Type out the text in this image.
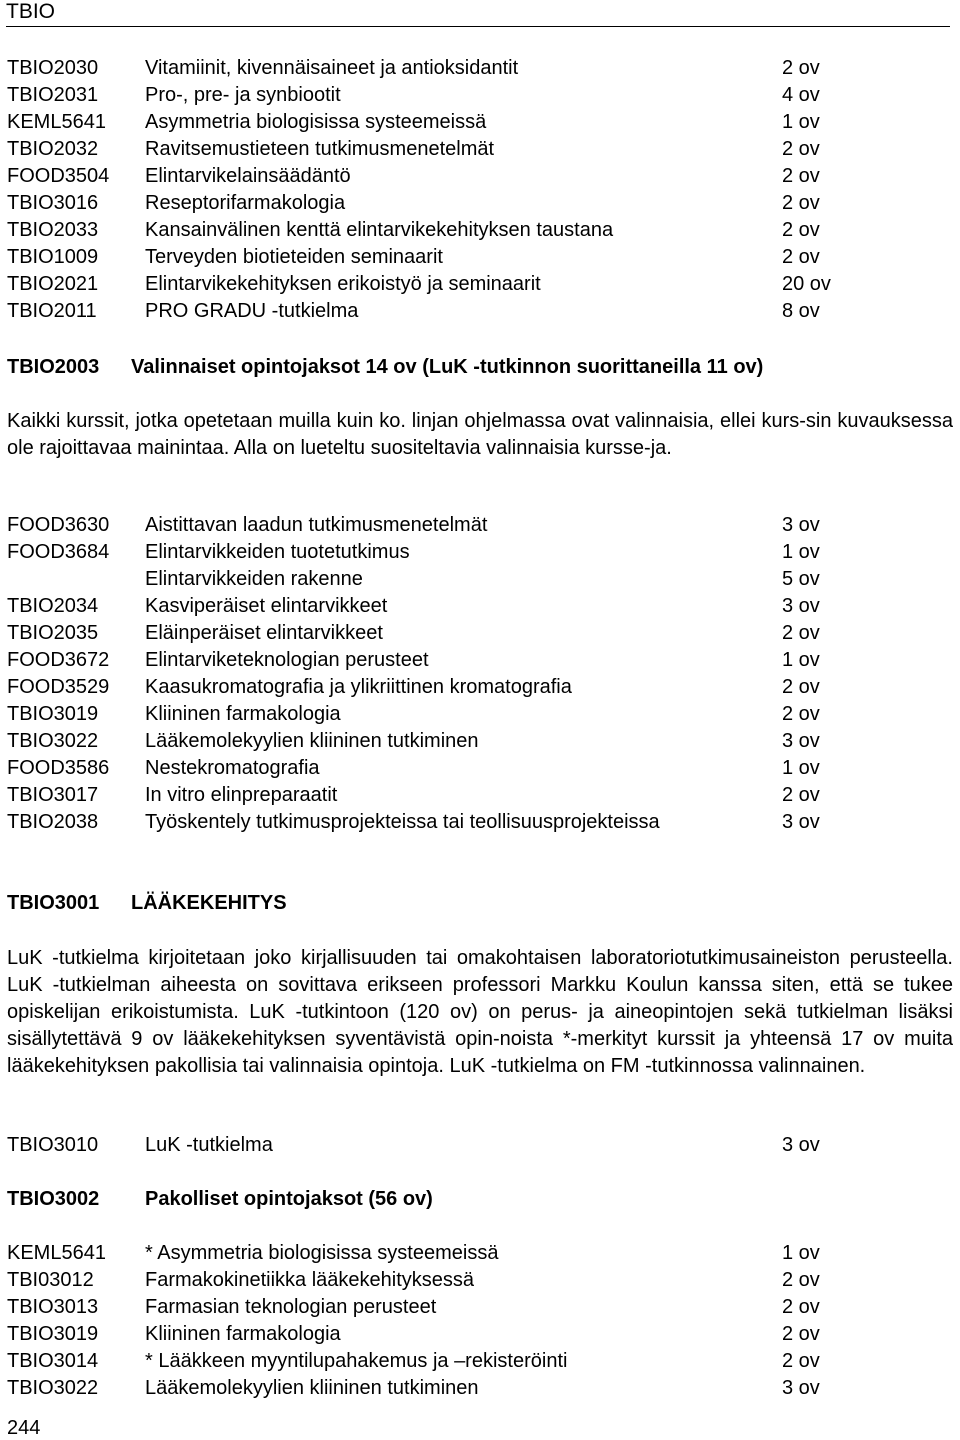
TBIO
TBIO2030 Vitamiinit, kivennäisaineet ja antioksidantit	2 ov
TBIO2031 Pro-, pre- ja synbiootit	4 ov
KEML5641 Asymmetria biologisissa systeemeissä	1 ov
TBIO2032 Ravitsemustieteen tutkimusmenetelmät	2 ov
FOOD3504 Elintarvikelainsäädäntö	2 ov
TBIO3016 Reseptorifarmakologia	2 ov
TBIO2033 Kansainvälinen kenttä elintarvikekehityksen taustana	2 ov
TBIO1009 Terveyden biotieteiden seminaarit	2 ov
TBIO2021 Elintarvikekehityksen erikoistyö ja seminaarit	20 ov
TBIO2011 PRO GRADU -tutkielma	8 ov
TBIO2003 Valinnaiset opintojaksot 14 ov (LuK -tutkinnon suorittaneilla 11 ov)

Kaikki kurssit, jotka opetetaan muilla kuin ko. linjan ohjelmassa ovat valinnaisia, ellei kurs-sin kuvauksessa ole rajoittavaa mainintaa. Alla on lueteltu suositeltavia valinnaisia kursse-ja.

FOOD3630 Aistittavan laadun tutkimusmenetelmät	3 ov
FOOD3684 Elintarvikkeiden tuotetutkimus	1 ov
Elintarvikkeiden rakenne	5 ov
TBIO2034 Kasviperäiset elintarvikkeet	3 ov
TBIO2035 Eläinperäiset elintarvikkeet	2 ov
FOOD3672 Elintarviketeknologian perusteet	1 ov
FOOD3529 Kaasukromatografia ja ylikriittinen kromatografia	2 ov
TBIO3019 Kliininen farmakologia	2 ov
TBIO3022 Lääkemolekyylien kliininen tutkiminen	3 ov
FOOD3586 Nestekromatografia	1 ov
TBIO3017 In vitro elinpreparaatit	2 ov
TBIO2038 Työskentely tutkimusprojekteissa tai teollisuusprojekteissa	3 ov
TBIO3001 LÄÄKEKEHITYS

LuK -tutkielma kirjoitetaan joko kirjallisuuden tai omakohtaisen laboratoriotutkimusaineiston perusteella. LuK -tutkielman aiheesta on sovittava erikseen professori Markku Koulun kanssa siten, että se tukee opiskelijan erikoistumista. LuK -tutkintoon (120 ov) on perus- ja aineopintojen sekä tutkielman lisäksi sisällytettävä 9 ov lääkekehityksen syventävistä opin-noista *-merkityt kurssit ja yhteensä 17 ov muita lääkekehityksen pakollisia tai valinnaisia opintoja. LuK -tutkielma on FM -tutkinnossa valinnainen.

TBIO3010 LuK -tutkielma	3 ov
TBIO3002 Pakolliset opintojaksot (56 ov)
KEML5641 * Asymmetria biologisissa systeemeissä	1 ov
TBI03012	Farmakokinetiikka lääkekehityksessä	2 ov
TBIO3013 Farmasian teknologian perusteet	2 ov
TBIO3019 Kliininen farmakologia	2 ov
TBIO3014 * Lääkkeen myyntilupahakemus ja –rekisteröinti	2 ov
TBIO3022 Lääkemolekyylien kliininen tutkiminen	3 ov
244
